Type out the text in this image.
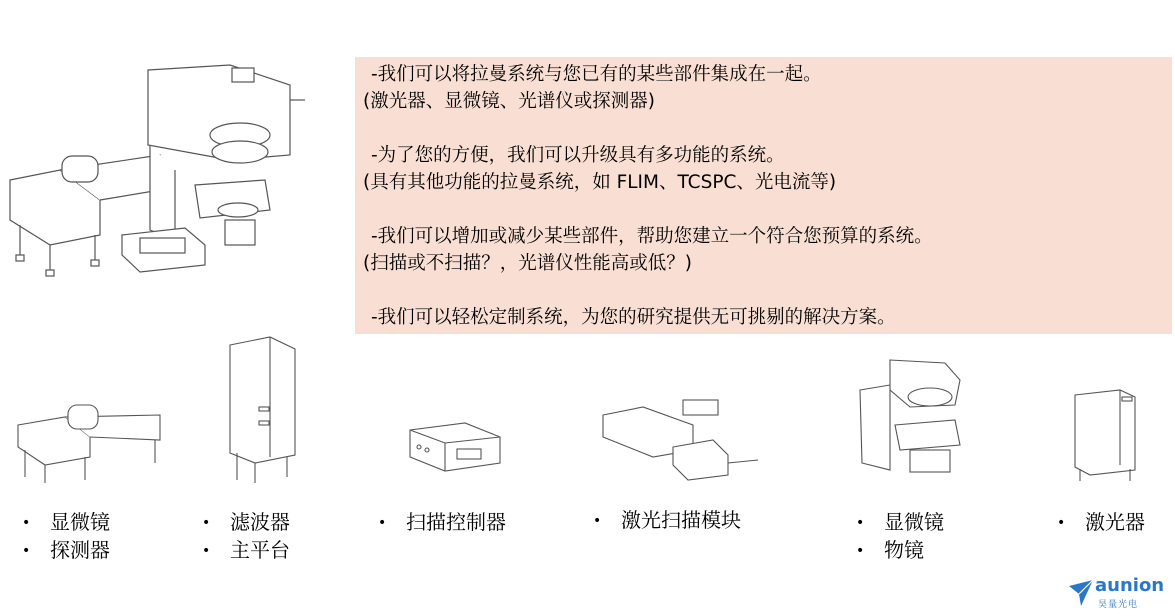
-我们可以将拉曼系统与您已有的某些部件集成在一起。
(激光器、显微镜、光谱仪或探测器)

-为了您的方便，我们可以升级具有多功能的系统。
(具有其他功能的拉曼系统，如 FLIM、TCSPC、光电流等)

-我们可以增加或减少某些部件，帮助您建立一个符合您预算的系统。
(扫描或不扫描？，光谱仪性能高或低？)

-我们可以轻松定制系统，为您的研究提供无可挑剔的解决方案。

• 显微镜
• 探测器
• 滤波器
• 主平台
• 扫描控制器	• 激光扫描模块	• 显微镜
• 物镜
• 激光器
aunion
昊量光电
